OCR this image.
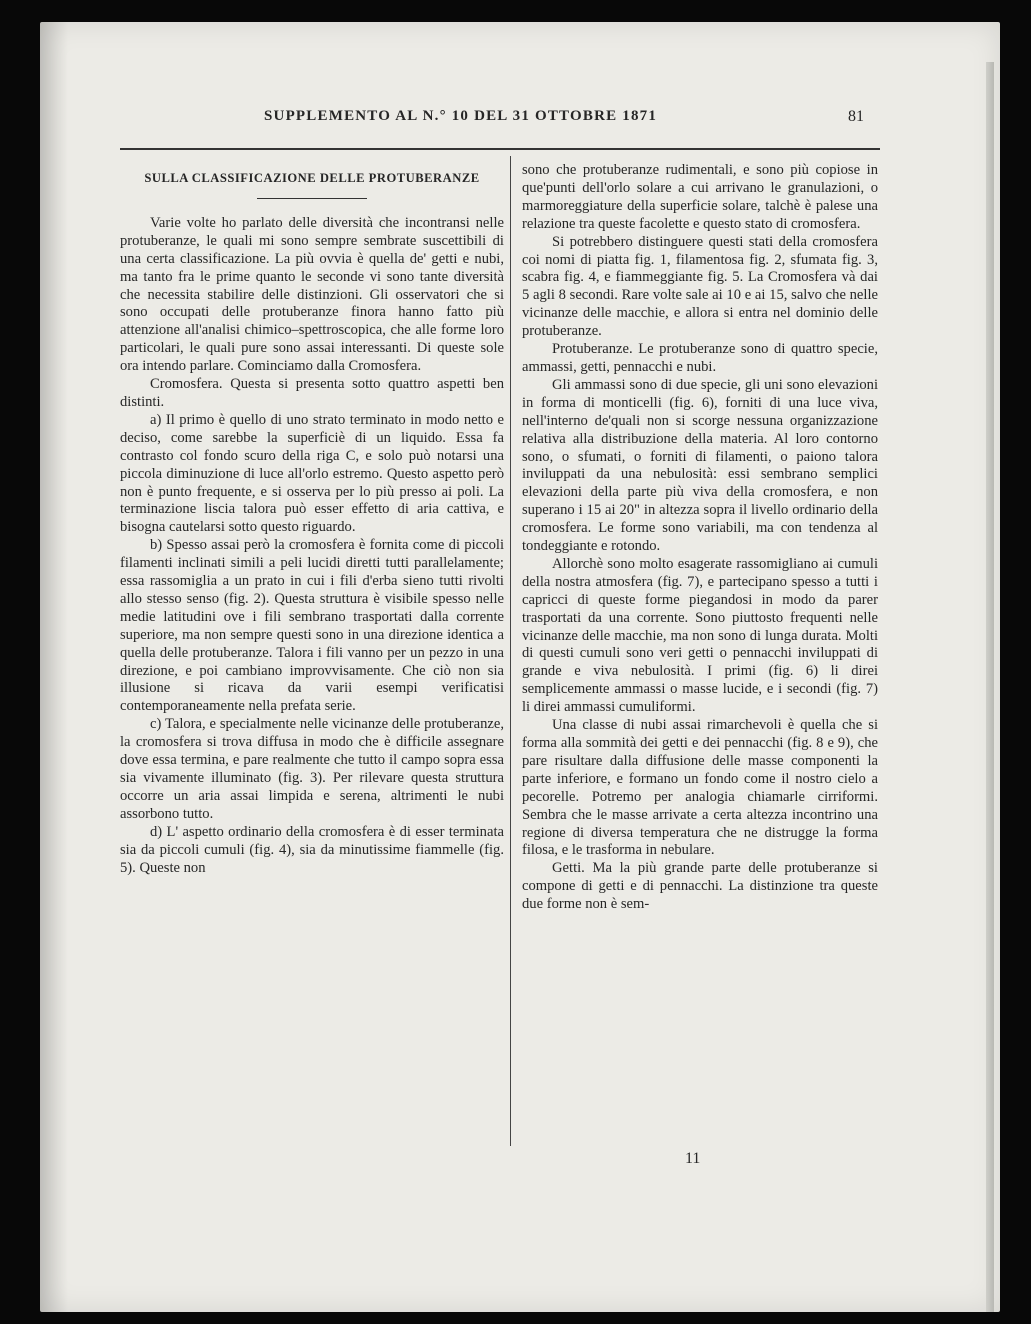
SUPPLEMENTO AL N.° 10 DEL 31 OTTOBRE 1871	81
SULLA CLASSIFICAZIONE DELLE PROTUBERANZE

Varie volte ho parlato delle diversità che incontransi nelle protuberanze, le quali mi sono sempre sembrate suscettibili di una certa classificazione. La più ovvia è quella de' getti e nubi, ma tanto fra le prime quanto le seconde vi sono tante diversità che necessita stabilire delle distinzioni. Gli osservatori che si sono occupati delle protuberanze finora hanno fatto più attenzione all'analisi chimico–spettroscopica, che alle forme loro particolari, le quali pure sono assai interessanti. Di queste sole ora intendo parlare. Cominciamo dalla Cromosfera.

Cromosfera. Questa si presenta sotto quattro aspetti ben distinti.

a) Il primo è quello di uno strato terminato in modo netto e deciso, come sarebbe la superficiè di un liquido. Essa fa contrasto col fondo scuro della riga C, e solo può notarsi una piccola diminuzione di luce all'orlo estremo. Questo aspetto però non è punto frequente, e si osserva per lo più presso ai poli. La terminazione liscia talora può esser effetto di aria cattiva, e bisogna cautelarsi sotto questo riguardo.

b) Spesso assai però la cromosfera è fornita come di piccoli filamenti inclinati simili a peli lucidi diretti tutti parallelamente; essa rassomiglia a un prato in cui i fili d'erba sieno tutti rivolti allo stesso senso (fig. 2). Questa struttura è visibile spesso nelle medie latitudini ove i fili sembrano trasportati dalla corrente superiore, ma non sempre questi sono in una direzione identica a quella delle protuberanze. Talora i fili vanno per un pezzo in una direzione, e poi cambiano improvvisamente. Che ciò non sia illusione si ricava da varii esempi verificatisi contemporaneamente nella prefata serie.

c) Talora, e specialmente nelle vicinanze delle protuberanze, la cromosfera si trova diffusa in modo che è difficile assegnare dove essa termina, e pare realmente che tutto il campo sopra essa sia vivamente illuminato (fig. 3). Per rilevare questa struttura occorre un aria assai limpida e serena, altrimenti le nubi assorbono tutto.

d) L' aspetto ordinario della cromosfera è di esser terminata sia da piccoli cumuli (fig. 4), sia da minutissime fiammelle (fig. 5). Queste non

sono che protuberanze rudimentali, e sono più copiose in que'punti dell'orlo solare a cui arrivano le granulazioni, o marmoreggiature della superficie solare, talchè è palese una relazione tra queste facolette e questo stato di cromosfera.

Si potrebbero distinguere questi stati della cromosfera coi nomi di piatta fig. 1, filamentosa fig. 2, sfumata fig. 3, scabra fig. 4, e fiammeggiante fig. 5. La Cromosfera và dai 5 agli 8 secondi. Rare volte sale ai 10 e ai 15, salvo che nelle vicinanze delle macchie, e allora si entra nel dominio delle protuberanze.

Protuberanze. Le protuberanze sono di quattro specie, ammassi, getti, pennacchi e nubi.

Gli ammassi sono di due specie, gli uni sono elevazioni in forma di monticelli (fig. 6), forniti di una luce viva, nell'interno de'quali non si scorge nessuna organizzazione relativa alla distribuzione della materia. Al loro contorno sono, o sfumati, o forniti di filamenti, o paiono talora inviluppati da una nebulosità: essi sembrano semplici elevazioni della parte più viva della cromosfera, e non superano i 15 ai 20" in altezza sopra il livello ordinario della cromosfera. Le forme sono variabili, ma con tendenza al tondeggiante e rotondo.

Allorchè sono molto esagerate rassomigliano ai cumuli della nostra atmosfera (fig. 7), e partecipano spesso a tutti i capricci di queste forme piegandosi in modo da parer trasportati da una corrente. Sono piuttosto frequenti nelle vicinanze delle macchie, ma non sono di lunga durata. Molti di questi cumuli sono veri getti o pennacchi inviluppati di grande e viva nebulosità. I primi (fig. 6) li direi semplicemente ammassi o masse lucide, e i secondi (fig. 7) li direi ammassi cumuliformi.

Una classe di nubi assai rimarchevoli è quella che si forma alla sommità dei getti e dei pennacchi (fig. 8 e 9), che pare risultare dalla diffusione delle masse componenti la parte inferiore, e formano un fondo come il nostro cielo a pecorelle. Potremo per analogia chiamarle cirriformi. Sembra che le masse arrivate a certa altezza incontrino una regione di diversa temperatura che ne distrugge la forma filosa, e le trasforma in nebulare.

Getti. Ma la più grande parte delle protuberanze si compone di getti e di pennacchi. La distinzione tra queste due forme non è sem-

11
